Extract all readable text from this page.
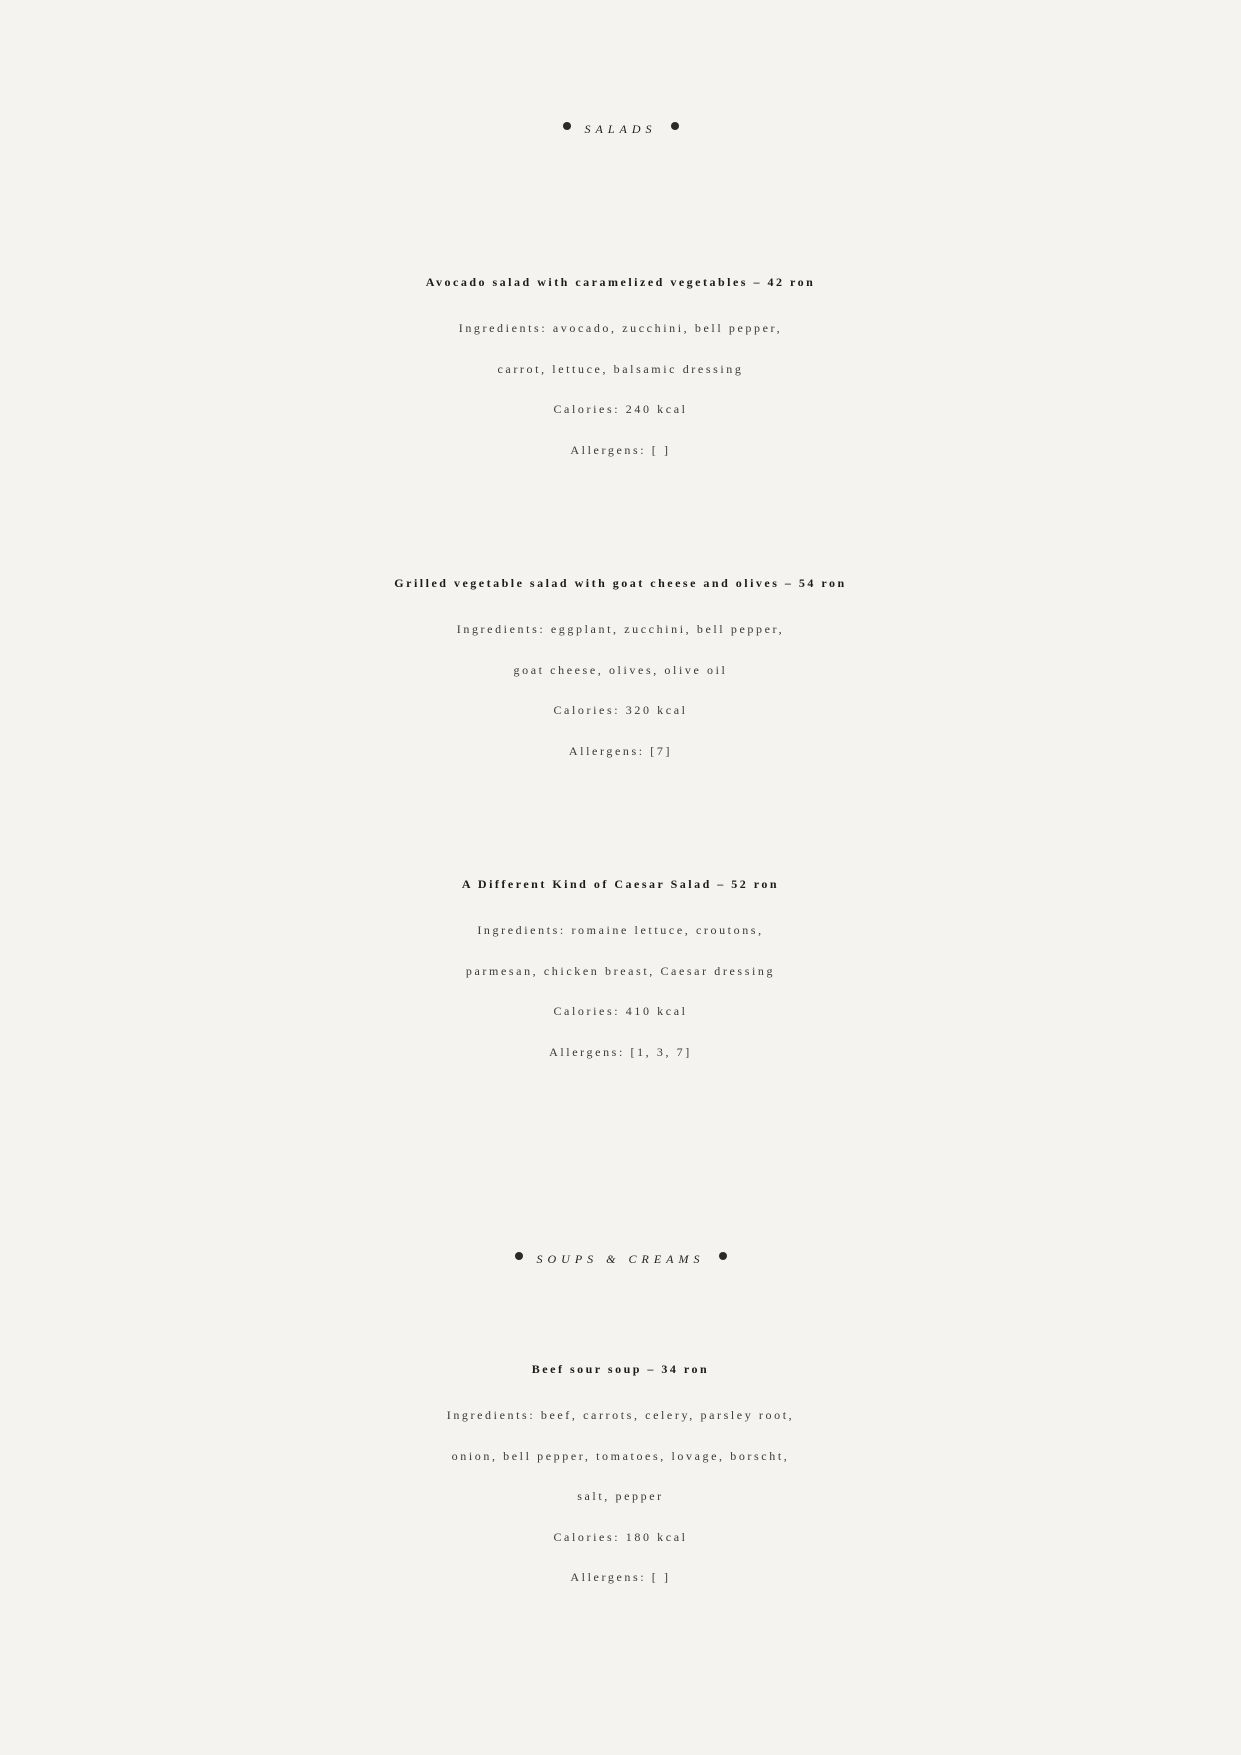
SALADS
Avocado salad with caramelized vegetables – 42 ron
Ingredients: avocado, zucchini, bell pepper,
carrot, lettuce, balsamic dressing
Calories: 240 kcal
Allergens: [ ]
Grilled vegetable salad with goat cheese and olives – 54 ron
Ingredients: eggplant, zucchini, bell pepper,
goat cheese, olives, olive oil
Calories: 320 kcal
Allergens: [7]
A Different Kind of Caesar Salad – 52 ron
Ingredients: romaine lettuce, croutons,
parmesan, chicken breast, Caesar dressing
Calories: 410 kcal
Allergens: [1, 3, 7]
SOUPS & CREAMS
Beef sour soup – 34 ron
Ingredients: beef, carrots, celery, parsley root,
onion, bell pepper, tomatoes, lovage, borscht,
salt, pepper
Calories: 180 kcal
Allergens: [ ]
